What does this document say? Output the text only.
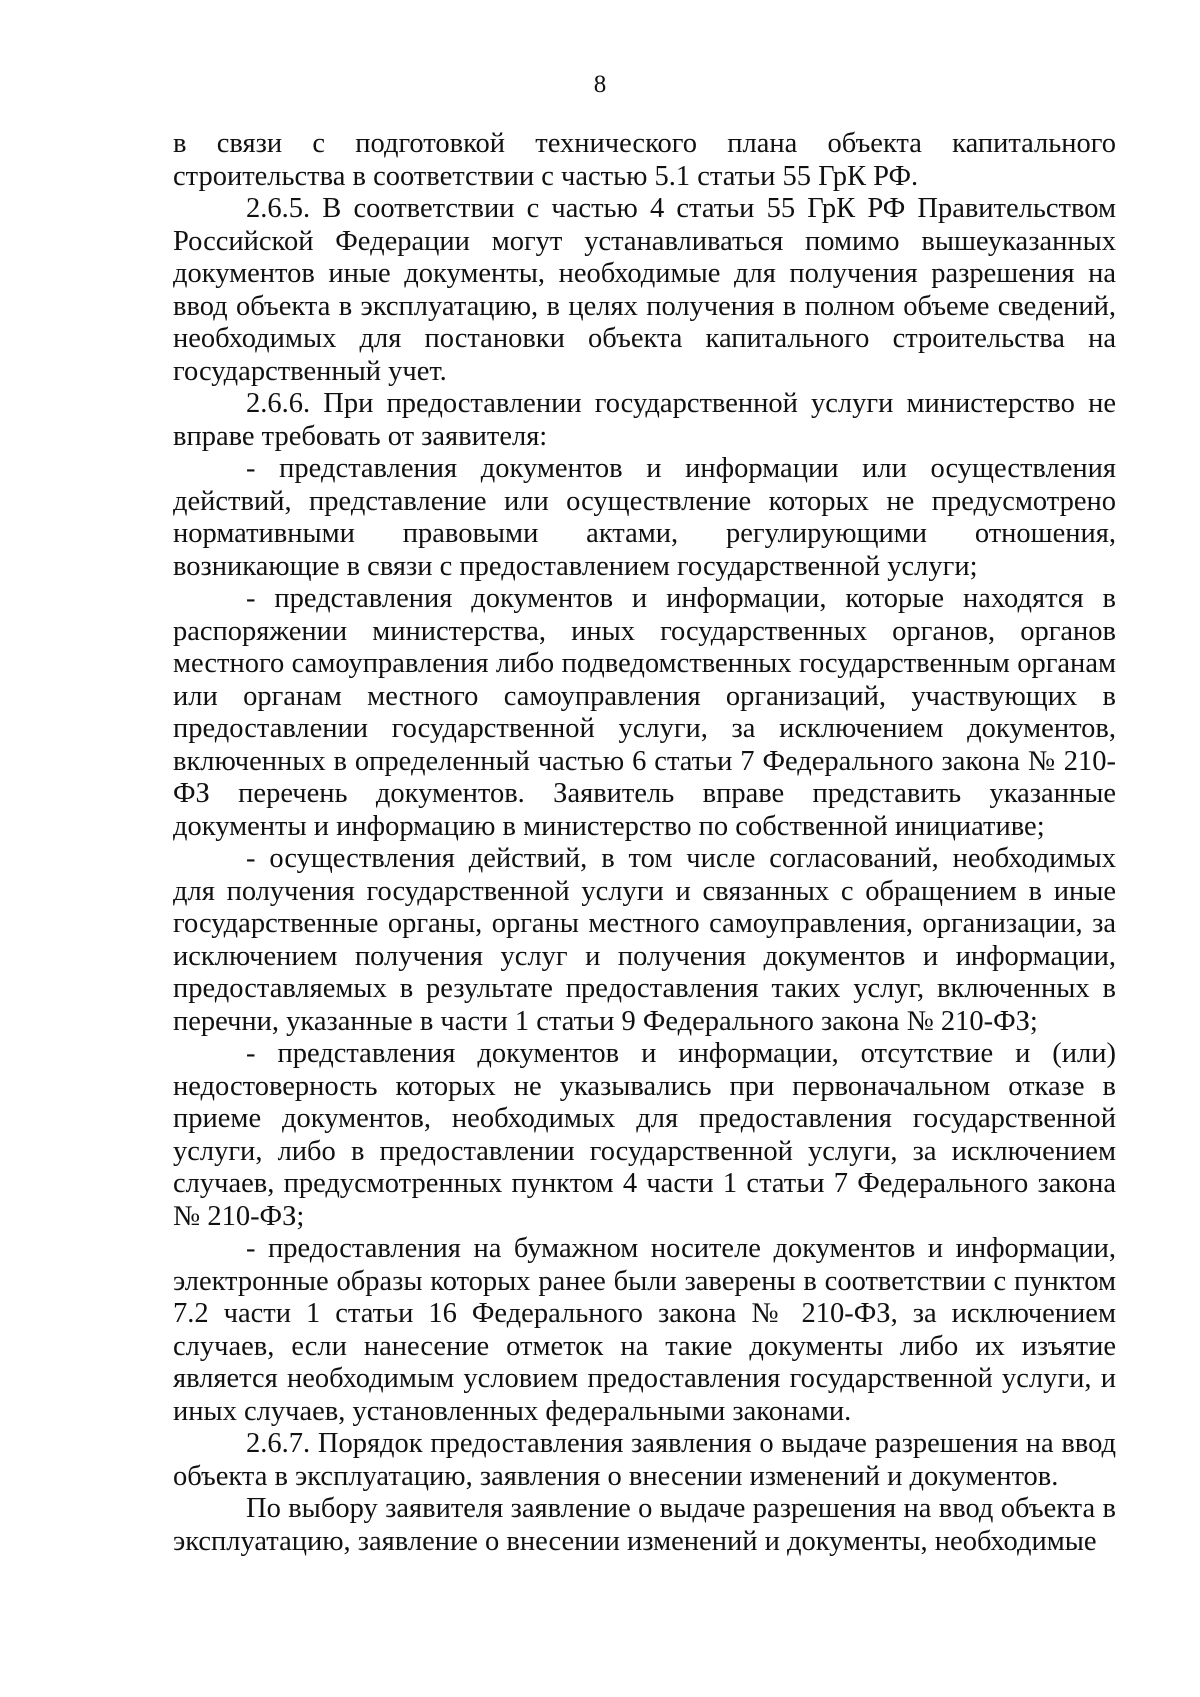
8

в связи с подготовкой технического плана объекта капитального строительства в соответствии с частью 5.1 статьи 55 ГрК РФ.

2.6.5. В соответствии с частью 4 статьи 55 ГрК РФ Правительством Российской Федерации могут устанавливаться помимо вышеуказанных документов иные документы, необходимые для получения разрешения на ввод объекта в эксплуатацию, в целях получения в полном объеме сведений, необходимых для постановки объекта капитального строительства на государственный учет.

2.6.6. При предоставлении государственной услуги министерство не вправе требовать от заявителя:

- представления документов и информации или осуществления действий, представление или осуществление которых не предусмотрено нормативными правовыми актами, регулирующими отношения, возникающие в связи с предоставлением государственной услуги;

- представления документов и информации, которые находятся в распоряжении министерства, иных государственных органов, органов местного самоуправления либо подведомственных государственным органам или органам местного самоуправления организаций, участвующих в предоставлении государственной услуги, за исключением документов, включенных в определенный частью 6 статьи 7 Федерального закона № 210-ФЗ перечень документов. Заявитель вправе представить указанные документы и информацию в министерство по собственной инициативе;

- осуществления действий, в том числе согласований, необходимых для получения государственной услуги и связанных с обращением в иные государственные органы, органы местного самоуправления, организации, за исключением получения услуг и получения документов и информации, предоставляемых в результате предоставления таких услуг, включенных в перечни, указанные в части 1 статьи 9 Федерального закона № 210-ФЗ;

- представления документов и информации, отсутствие и (или) недостоверность которых не указывались при первоначальном отказе в приеме документов, необходимых для предоставления государственной услуги, либо в предоставлении государственной услуги, за исключением случаев, предусмотренных пунктом 4 части 1 статьи 7 Федерального закона № 210-ФЗ;

- предоставления на бумажном носителе документов и информации, электронные образы которых ранее были заверены в соответствии с пунктом 7.2 части 1 статьи 16 Федерального закона № 210-ФЗ, за исключением случаев, если нанесение отметок на такие документы либо их изъятие является необходимым условием предоставления государственной услуги, и иных случаев, установленных федеральными законами.

2.6.7. Порядок предоставления заявления о выдаче разрешения на ввод объекта в эксплуатацию, заявления о внесении изменений и документов.

По выбору заявителя заявление о выдаче разрешения на ввод объекта в эксплуатацию, заявление о внесении изменений и документы, необходимые
